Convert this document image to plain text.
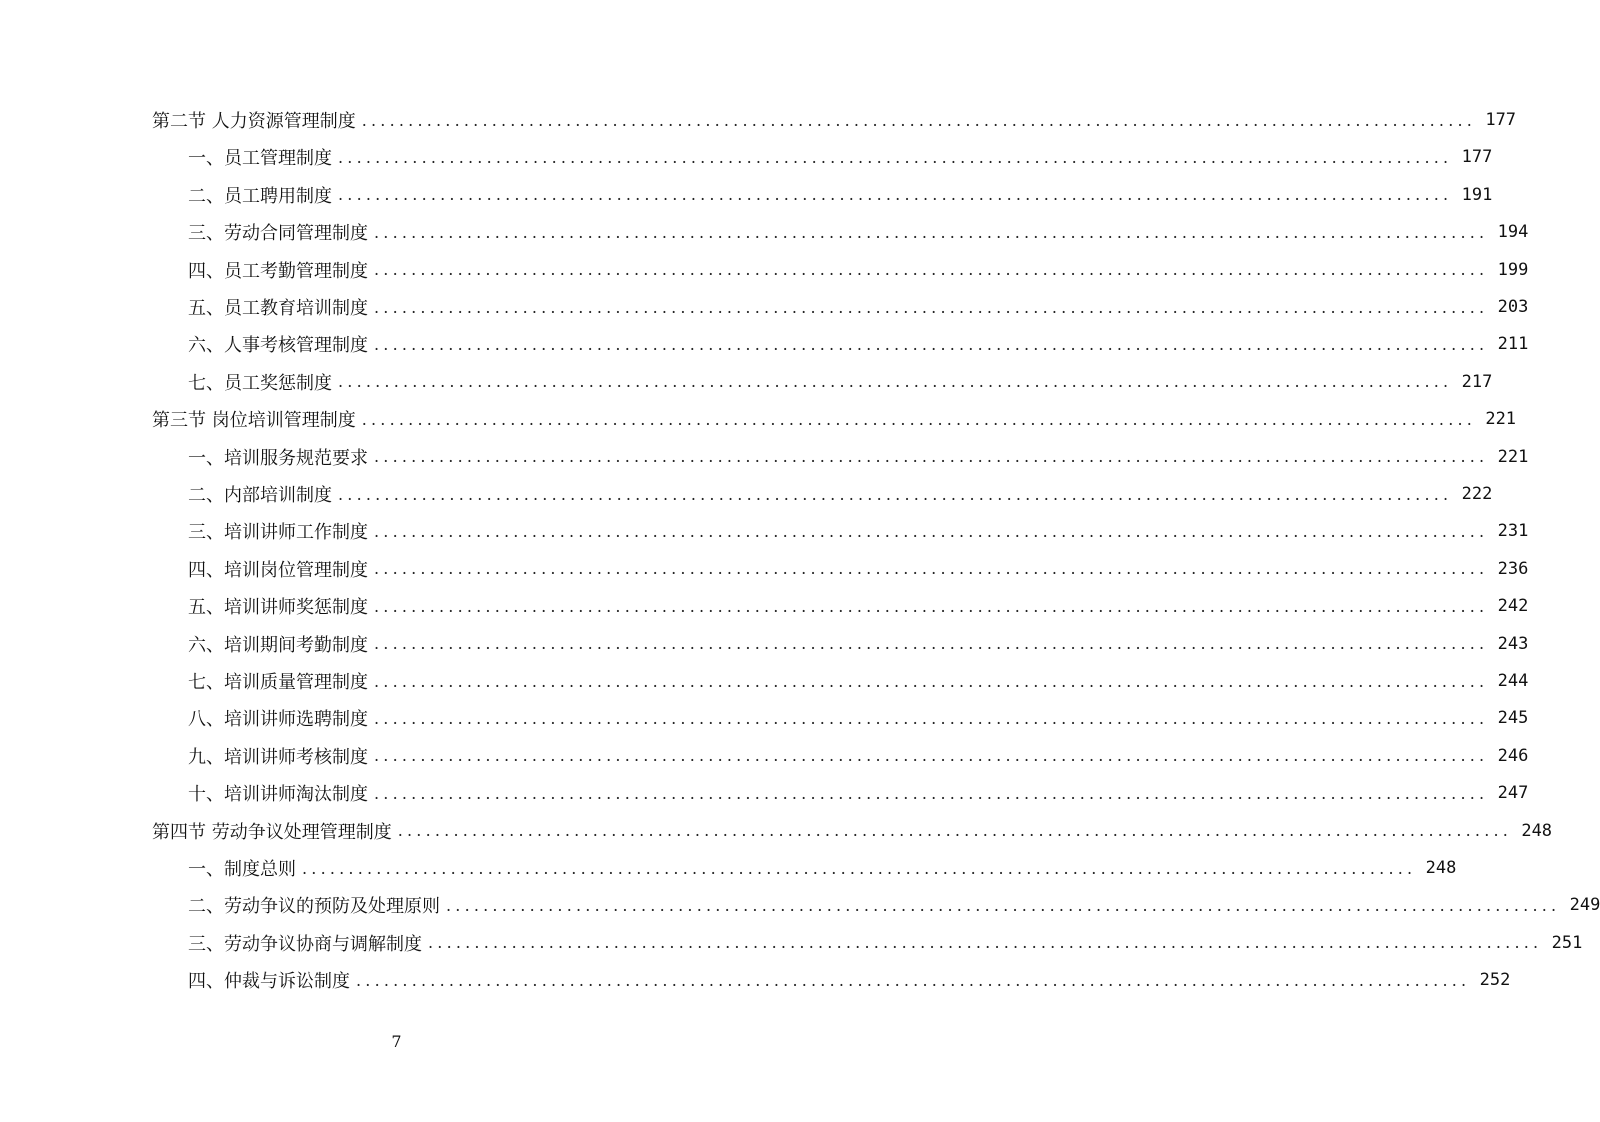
第二节 人力资源管理制度 ........................................................................................................................ 177
一、员工管理制度 ........................................................................................................................ 177
二、员工聘用制度 ........................................................................................................................ 191
三、劳动合同管理制度 ........................................................................................................................ 194
四、员工考勤管理制度 ........................................................................................................................ 199
五、员工教育培训制度 ........................................................................................................................ 203
六、人事考核管理制度 ........................................................................................................................ 211
七、员工奖惩制度 ........................................................................................................................ 217
第三节 岗位培训管理制度 ........................................................................................................................ 221
一、培训服务规范要求 ........................................................................................................................ 221
二、内部培训制度 ........................................................................................................................ 222
三、培训讲师工作制度 ........................................................................................................................ 231
四、培训岗位管理制度 ........................................................................................................................ 236
五、培训讲师奖惩制度 ........................................................................................................................ 242
六、培训期间考勤制度 ........................................................................................................................ 243
七、培训质量管理制度 ........................................................................................................................ 244
八、培训讲师选聘制度 ........................................................................................................................ 245
九、培训讲师考核制度 ........................................................................................................................ 246
十、培训讲师淘汰制度 ........................................................................................................................ 247
第四节 劳动争议处理管理制度 ........................................................................................................................ 248
一、制度总则 ........................................................................................................................ 248
二、劳动争议的预防及处理原则 ........................................................................................................................ 249
三、劳动争议协商与调解制度 ........................................................................................................................ 251
四、仲裁与诉讼制度 ........................................................................................................................ 252
7
